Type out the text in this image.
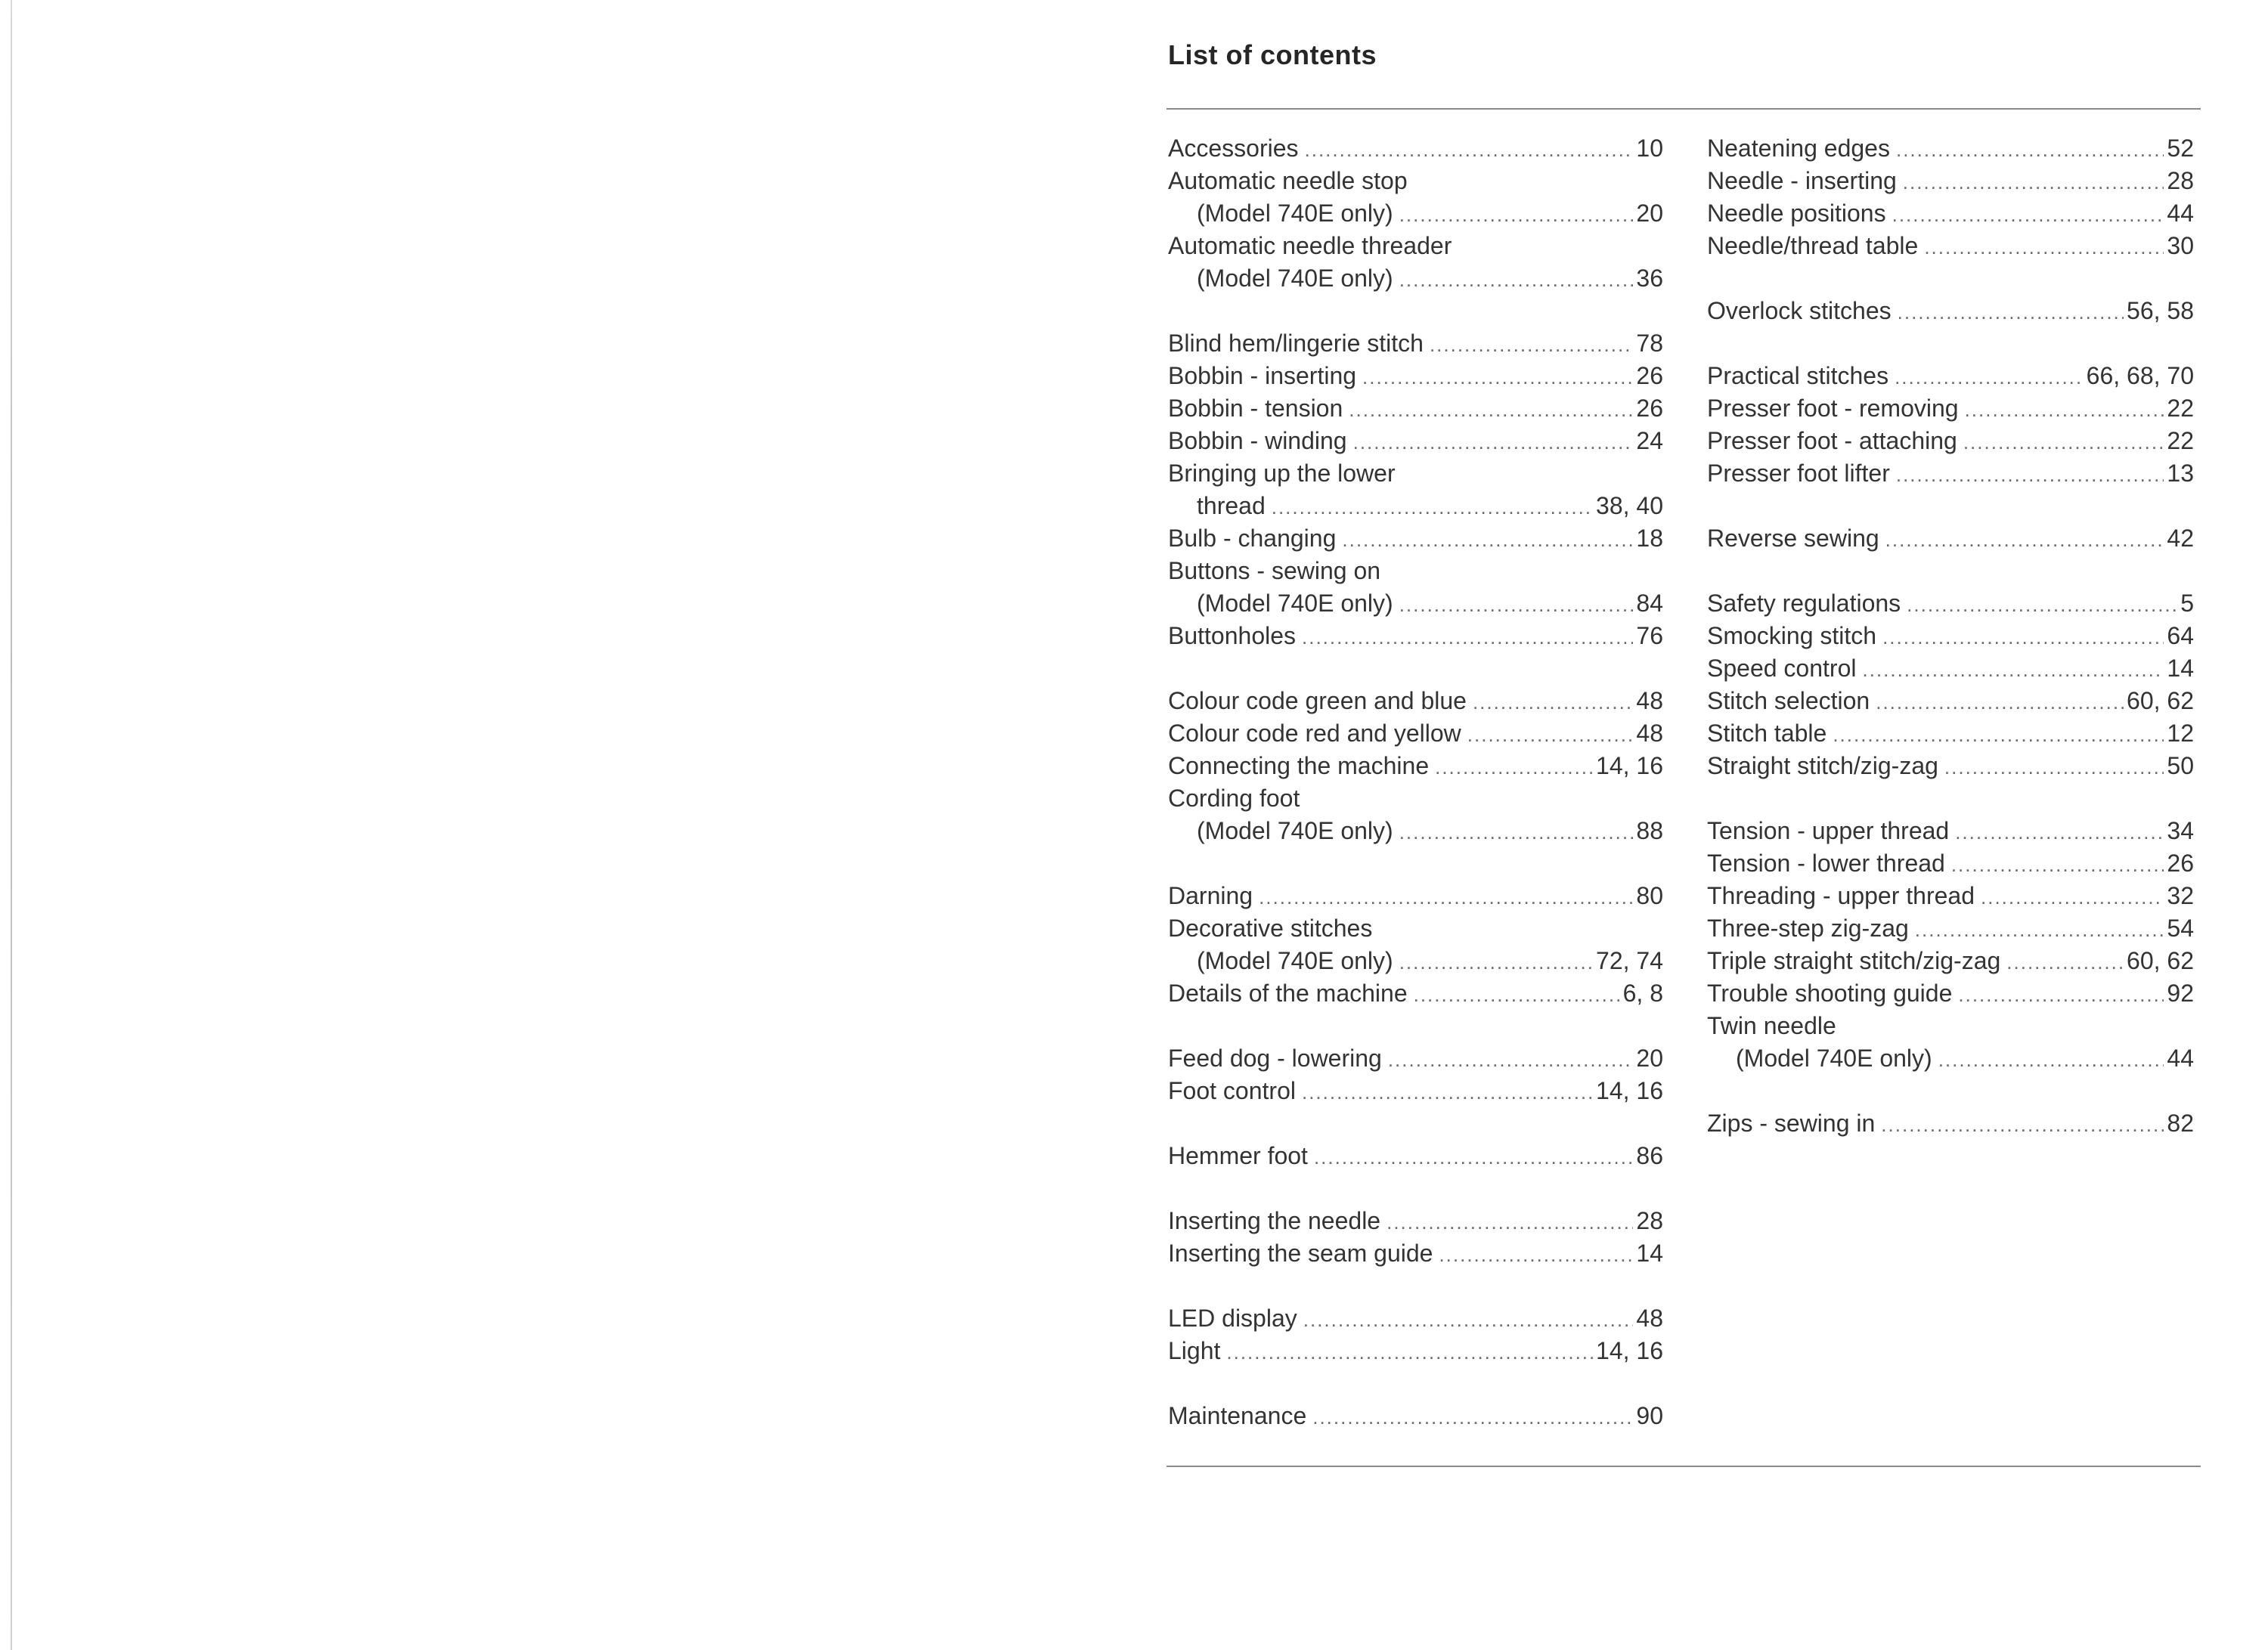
List of contents
Accessories .....	10
Automatic needle stop
(Model 740E only) .....	20
Automatic needle threader
(Model 740E only) .....	36
Blind hem/lingerie stitch .....	78
Bobbin - inserting .....	26
Bobbin - tension .....	26
Bobbin - winding .....	24
Bringing up the lower
thread .....	38, 40
Bulb - changing .....	18
Buttons - sewing on
(Model 740E only) .....	84
Buttonholes .....	76
Colour code green and blue .....	48
Colour code red and yellow .....	48
Connecting the machine .....	14, 16
Cording foot
(Model 740E only) .....	88
Darning .....	80
Decorative stitches
(Model 740E only) .....	72, 74
Details of the machine .....	6, 8
Feed dog - lowering .....	20
Foot control .....	14, 16
Hemmer foot .....	86
Inserting the needle .....	28
Inserting the seam guide .....	14
LED display .....	48
Light .....	14, 16
Maintenance .....	90
Neatening edges .....	52
Needle - inserting .....	28
Needle positions .....	44
Needle/thread table .....	30
Overlock stitches .....	56, 58
Practical stitches .....	66, 68, 70
Presser foot - removing .....	22
Presser foot - attaching .....	22
Presser foot lifter .....	13
Reverse sewing .....	42
Safety regulations .....	5
Smocking stitch .....	64
Speed control .....	14
Stitch selection .....	60, 62
Stitch table .....	12
Straight stitch/zig-zag .....	50
Tension - upper thread .....	34
Tension - lower thread .....	26
Threading - upper thread .....	32
Three-step zig-zag .....	54
Triple straight stitch/zig-zag .....	60, 62
Trouble shooting guide .....	92
Twin needle
(Model 740E only) .....	44
Zips - sewing in .....	82
